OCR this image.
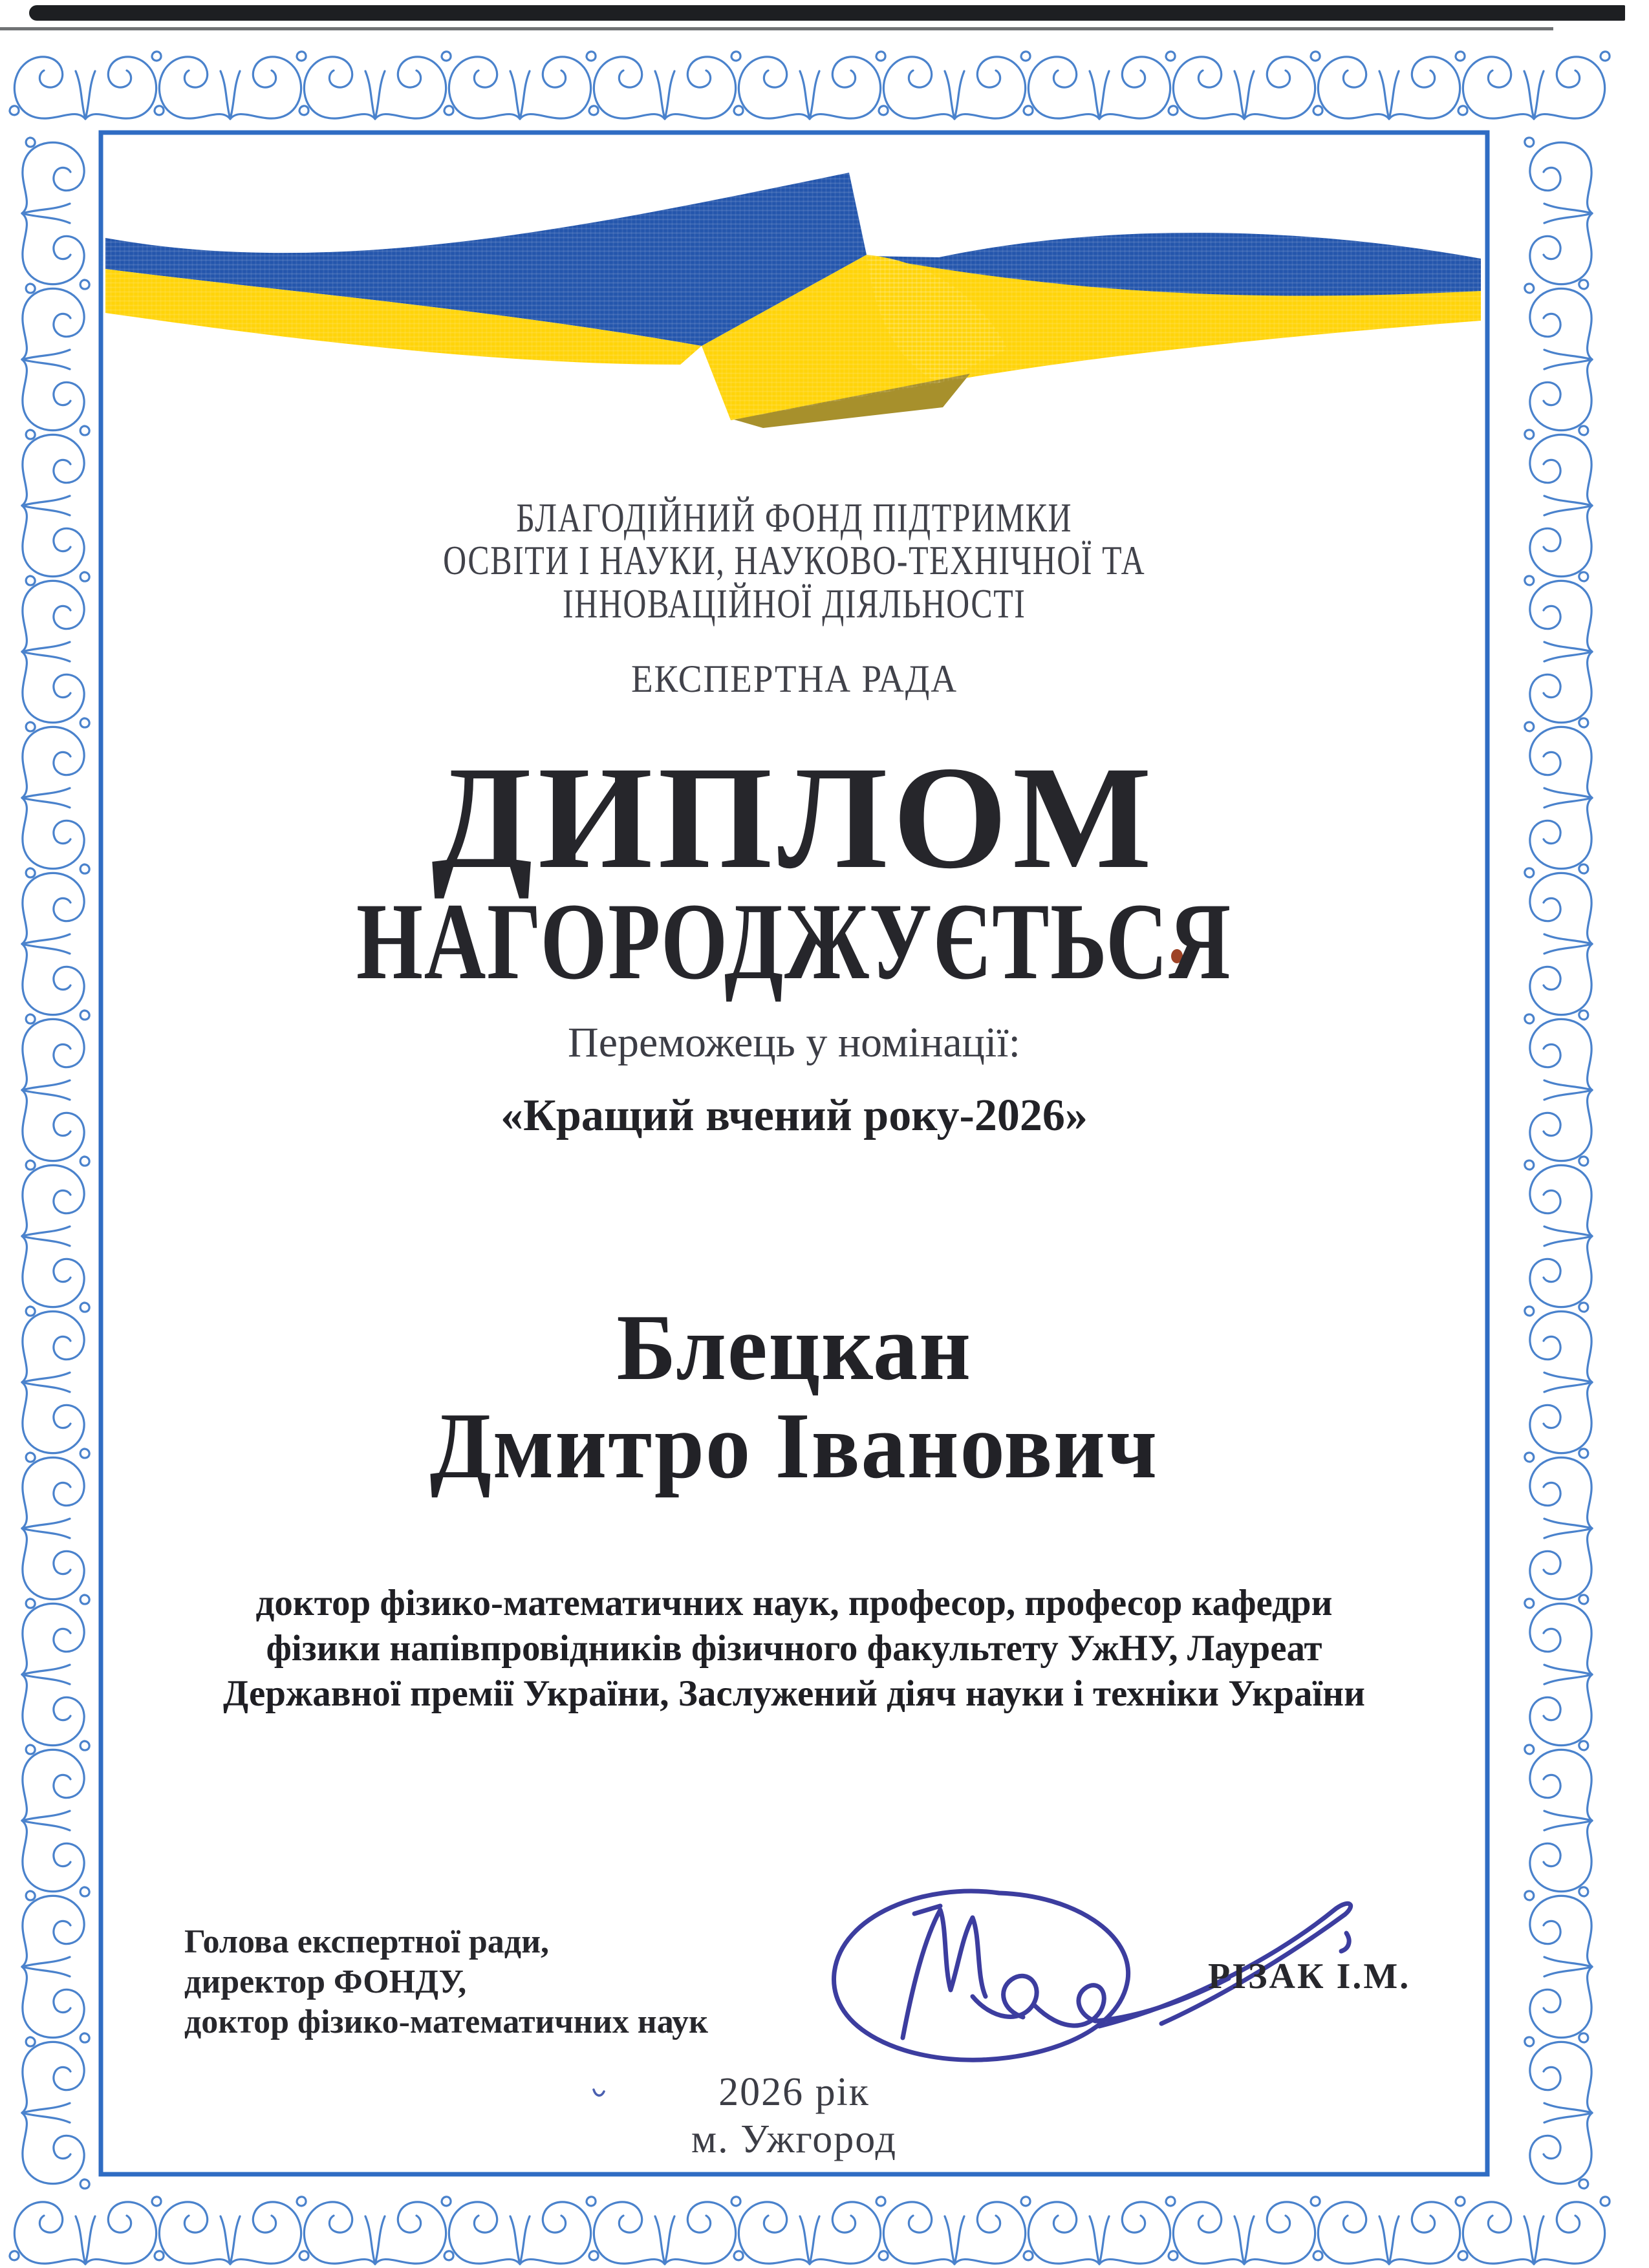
БЛАГОДІЙНИЙ ФОНД ПІДТРИМКИ
ОСВІТИ І НАУКИ, НАУКОВО-ТЕХНІЧНОЇ ТА
ІННОВАЦІЙНОЇ ДІЯЛЬНОСТІ
ЕКСПЕРТНА РАДА
ДИПЛОМ
НАГОРОДЖУЄТЬСЯ
Переможець у номінації:
«Кращий вчений року-2026»
Блецкан
Дмитро Іванович
доктор фізико-математичних наук, професор, професор кафедри
фізики напівпровідників фізичного факультету УжНУ, Лауреат
Державної премії України, Заслужений діяч науки і техніки України
Голова експертної ради,
директор ФОНДУ,
доктор фізико-математичних наук
РІЗАК І.М.
2026 рік
м. Ужгород
